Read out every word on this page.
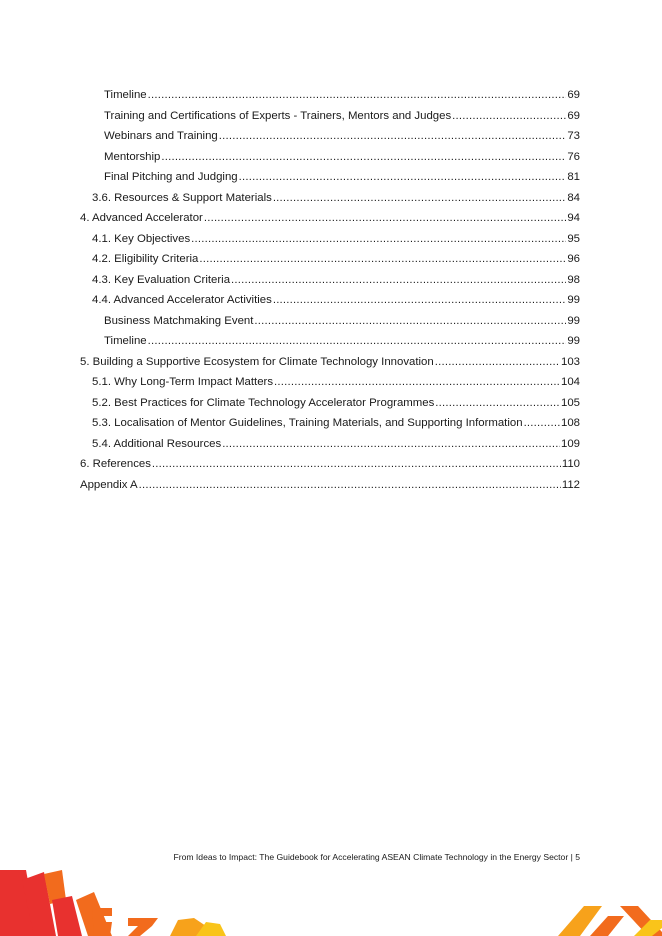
Timeline .....	69
Training and Certifications of Experts - Trainers, Mentors and Judges .....	69
Webinars and Training .....	73
Mentorship .....	76
Final Pitching and Judging .....	81
3.6. Resources & Support Materials .....	84
4. Advanced Accelerator .....	94
4.1. Key Objectives .....	95
4.2. Eligibility Criteria .....	96
4.3. Key Evaluation Criteria .....	98
4.4. Advanced Accelerator Activities .....	99
Business Matchmaking Event .....	99
Timeline .....	99
5. Building a Supportive Ecosystem for Climate Technology Innovation .....	103
5.1. Why Long-Term Impact Matters .....	104
5.2. Best Practices for Climate Technology Accelerator Programmes .....	105
5.3. Localisation of Mentor Guidelines, Training Materials, and Supporting Information .....	108
5.4. Additional Resources .....	109
6. References .....	110
Appendix A .....	112
From Ideas to Impact: The Guidebook for Accelerating ASEAN Climate Technology in the Energy Sector | 5
